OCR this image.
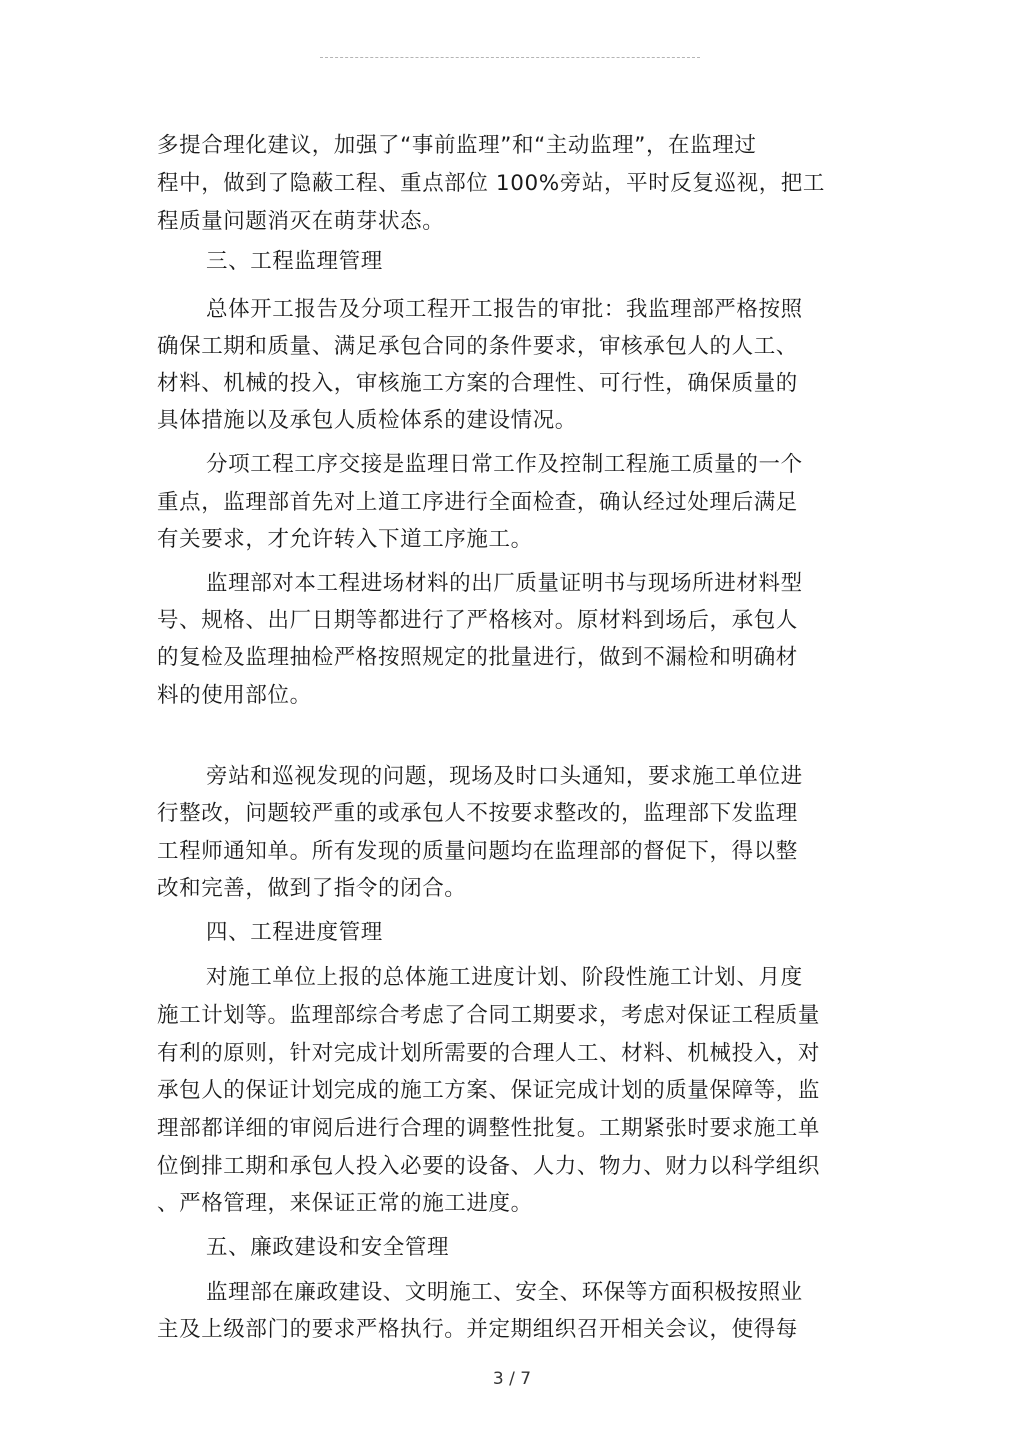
多提合理化建议，加强了“事前监理”和“主动监理”，在监理过
程中，做到了隐蔽工程、重点部位 100%旁站，平时反复巡视，把工
程质量问题消灭在萌芽状态。
三、工程监理管理
总体开工报告及分项工程开工报告的审批：我监理部严格按照
确保工期和质量、满足承包合同的条件要求，审核承包人的人工、
材料、机械的投入，审核施工方案的合理性、可行性，确保质量的
具体措施以及承包人质检体系的建设情况。
分项工程工序交接是监理日常工作及控制工程施工质量的一个
重点，监理部首先对上道工序进行全面检查，确认经过处理后满足
有关要求，才允许转入下道工序施工。
监理部对本工程进场材料的出厂质量证明书与现场所进材料型
号、规格、出厂日期等都进行了严格核对。原材料到场后，承包人
的复检及监理抽检严格按照规定的批量进行，做到不漏检和明确材
料的使用部位。
旁站和巡视发现的问题，现场及时口头通知，要求施工单位进
行整改，问题较严重的或承包人不按要求整改的，监理部下发监理
工程师通知单。所有发现的质量问题均在监理部的督促下，得以整
改和完善，做到了指令的闭合。
四、工程进度管理
对施工单位上报的总体施工进度计划、阶段性施工计划、月度
施工计划等。监理部综合考虑了合同工期要求，考虑对保证工程质量
有利的原则，针对完成计划所需要的合理人工、材料、机械投入，对
承包人的保证计划完成的施工方案、保证完成计划的质量保障等，监
理部都详细的审阅后进行合理的调整性批复。工期紧张时要求施工单
位倒排工期和承包人投入必要的设备、人力、物力、财力以科学组织
、严格管理，来保证正常的施工进度。
五、廉政建设和安全管理
监理部在廉政建设、文明施工、安全、环保等方面积极按照业
主及上级部门的要求严格执行。并定期组织召开相关会议，使得每
3 / 7
